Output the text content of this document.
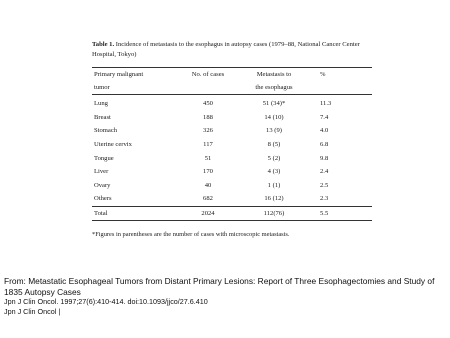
Table 1. Incidence of metastasis to the esophagus in autopsy cases (1979–88, National Cancer Center Hospital, Tokyo)

Primary malignant	No. of cases	Metastasis to	%
tumor		the esophagus	
Lung	450	51 (34)*	11.3
Breast	188	14 (10)	7.4
Stomach	326	13 (9)	4.0
Uterine cervix	117	8 (5)	6.8
Tongue	51	5 (2)	9.8
Liver	170	4 (3)	2.4
Ovary	40	1 (1)	2.5
Others	682	16 (12)	2.3
Total	2024	112(76)	5.5
*Figures in parentheses are the number of cases with microscopic metastasis.
From: Metastatic Esophageal Tumors from Distant Primary Lesions: Report of Three Esophagectomies and Study of 1835 Autopsy Cases
Jpn J Clin Oncol. 1997;27(6):410-414. doi:10.1093/jjco/27.6.410
Jpn J Clin Oncol |
